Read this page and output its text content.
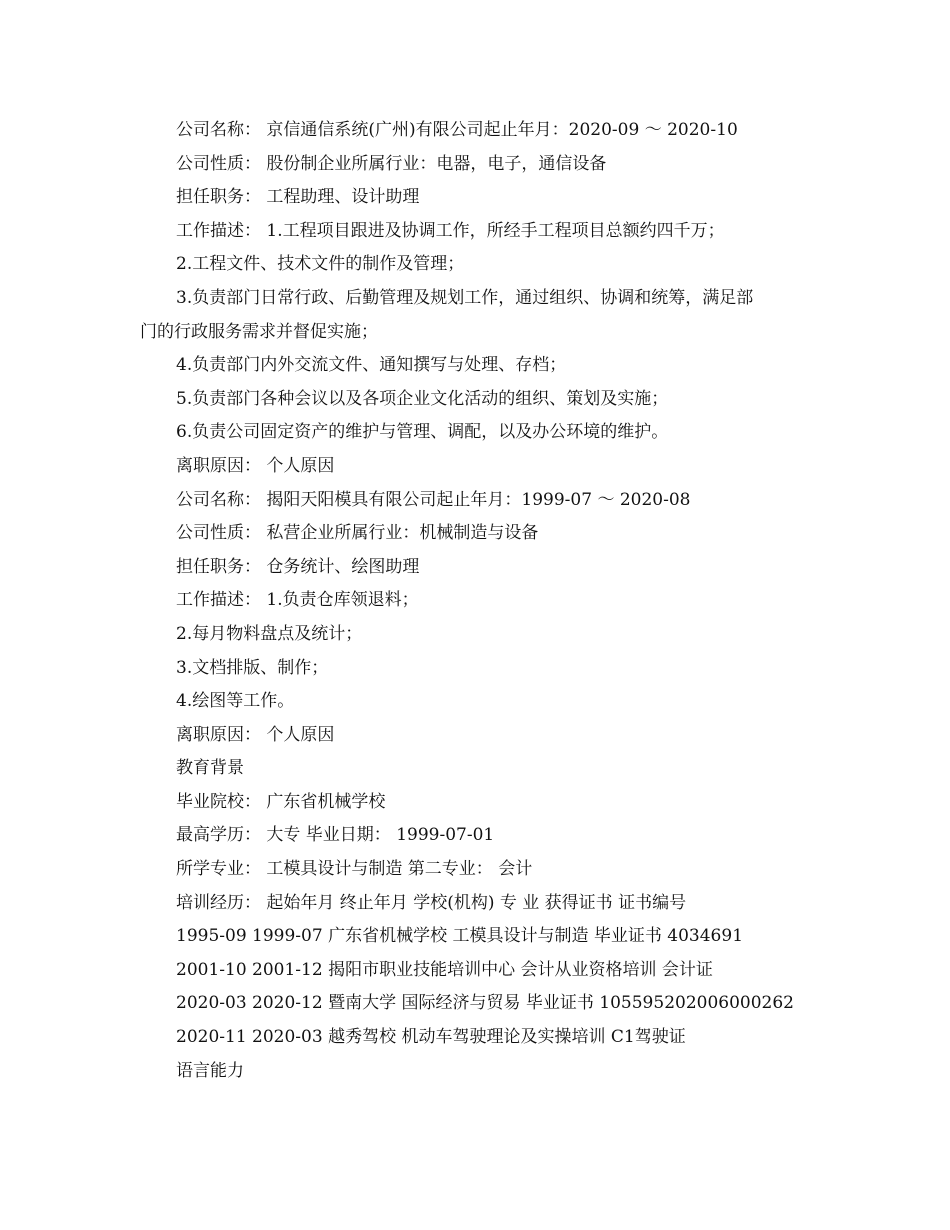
公司名称： 京信通信系统(广州)有限公司起止年月：2020-09 ～ 2020-10
公司性质： 股份制企业所属行业：电器，电子，通信设备
担任职务： 工程助理、设计助理
工作描述： 1.工程项目跟进及协调工作，所经手工程项目总额约四千万；
2.工程文件、技术文件的制作及管理；
3.负责部门日常行政、后勤管理及规划工作，通过组织、协调和统筹，满足部
门的行政服务需求并督促实施；
4.负责部门内外交流文件、通知撰写与处理、存档；
5.负责部门各种会议以及各项企业文化活动的组织、策划及实施；
6.负责公司固定资产的维护与管理、调配，以及办公环境的维护。
离职原因： 个人原因
公司名称： 揭阳天阳模具有限公司起止年月：1999-07 ～ 2020-08
公司性质： 私营企业所属行业：机械制造与设备
担任职务： 仓务统计、绘图助理
工作描述： 1.负责仓库领退料；
2.每月物料盘点及统计；
3.文档排版、制作；
4.绘图等工作。
离职原因： 个人原因
教育背景
毕业院校： 广东省机械学校
最高学历： 大专 毕业日期： 1999-07-01
所学专业： 工模具设计与制造 第二专业： 会计
培训经历： 起始年月 终止年月 学校(机构) 专 业 获得证书 证书编号
1995-09 1999-07 广东省机械学校 工模具设计与制造 毕业证书 4034691
2001-10 2001-12 揭阳市职业技能培训中心 会计从业资格培训 会计证
2020-03 2020-12 暨南大学 国际经济与贸易 毕业证书 105595202006000262
2020-11 2020-03 越秀驾校 机动车驾驶理论及实操培训 C1驾驶证
语言能力
